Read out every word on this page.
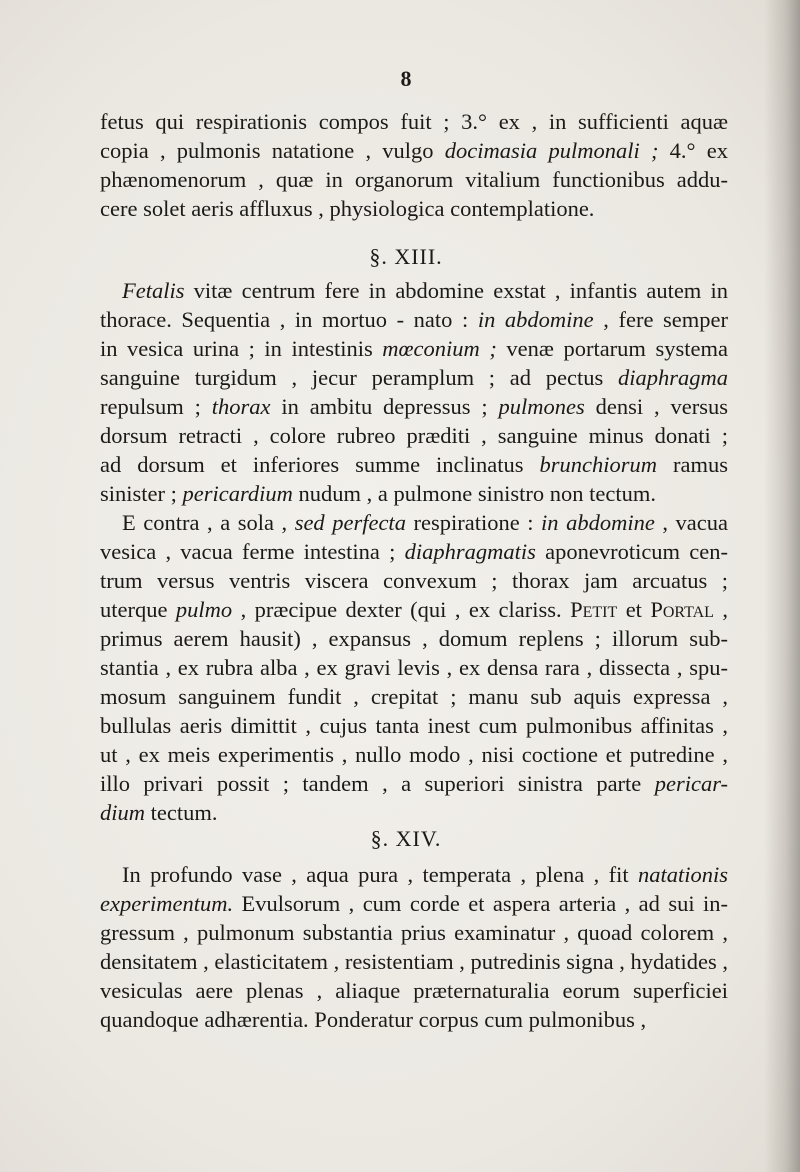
8
fetus qui respirationis compos fuit ; 3.° ex , in sufficienti aquæ
copia , pulmonis natatione , vulgo docimasia pulmonali ; 4.° ex
phænomenorum , quæ in organorum vitalium functionibus addu-
cere solet aeris affluxus , physiologica contemplatione.
§. XIII.
Fetalis vitæ centrum fere in abdomine exstat , infantis autem in
thorace. Sequentia , in mortuo - nato : in abdomine , fere semper
in vesica urina ; in intestinis mœconium ; venæ portarum systema
sanguine turgidum , jecur peramplum ; ad pectus diaphragma
repulsum ; thorax in ambitu depressus ; pulmones densi , versus
dorsum retracti , colore rubreo præditi , sanguine minus donati ;
ad dorsum et inferiores summe inclinatus brunchiorum ramus
sinister ; pericardium nudum , a pulmone sinistro non tectum.
E contra , a sola , sed perfecta respiratione : in abdomine , vacua
vesica , vacua ferme intestina ; diaphragmatis aponevroticum cen-
trum versus ventris viscera convexum ; thorax jam arcuatus ;
uterque pulmo , præcipue dexter (qui , ex clariss. Petit et Portal ,
primus aerem hausit) , expansus , domum replens ; illorum sub-
stantia , ex rubra alba , ex gravi levis , ex densa rara , dissecta , spu-
mosum sanguinem fundit , crepitat ; manu sub aquis expressa ,
bullulas aeris dimittit , cujus tanta inest cum pulmonibus affinitas ,
ut , ex meis experimentis , nullo modo , nisi coctione et putredine ,
illo privari possit ; tandem , a superiori sinistra parte pericar-
dium tectum.
§. XIV.
In profundo vase , aqua pura , temperata , plena , fit natationis
experimentum. Evulsorum , cum corde et aspera arteria , ad sui in-
gressum , pulmonum substantia prius examinatur , quoad colorem ,
densitatem , elasticitatem , resistentiam , putredinis signa , hydatides ,
vesiculas aere plenas , aliaque præternaturalia eorum superficiei
quandoque adhærentia. Ponderatur corpus cum pulmonibus ,
